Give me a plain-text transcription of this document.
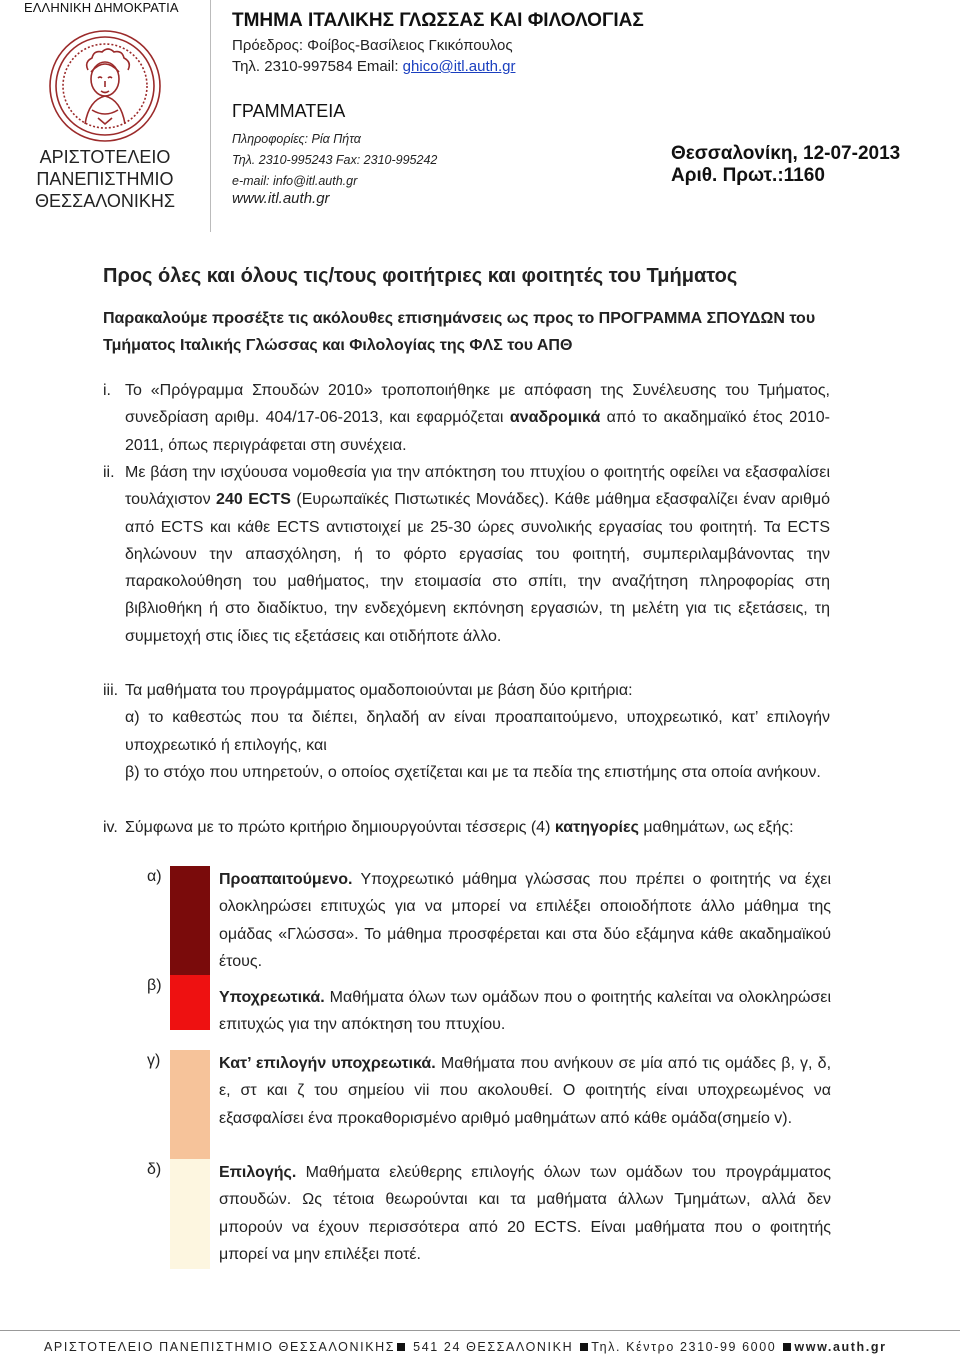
ΕΛΛΗΝΙΚΗ ΔΗΜΟΚΡΑΤΙΑ
ΑΡΙΣΤΟΤΕΛΕΙΟ
ΠΑΝΕΠΙΣΤΗΜΙΟ
ΘΕΣΣΑΛΟΝΙΚΗΣ
ΤΜΗΜΑ ΙΤΑΛΙΚΗΣ ΓΛΩΣΣΑΣ ΚΑΙ ΦΙΛΟΛΟΓΙΑΣ
Πρόεδρος: Φοίβος-Βασίλειος Γκικόπουλος
Τηλ. 2310-997584 Email: ghico@itl.auth.gr
ΓΡΑΜΜΑΤΕΙΑ
Πληροφορίες: Ρία Πήτα
Τηλ. 2310-995243 Fax: 2310-995242
e-mail: info@itl.auth.gr
www.itl.auth.gr
Θεσσαλονίκη, 12-07-2013
Αριθ. Πρωτ.:1160
Προς όλες και όλους τις/τους φοιτήτριες και φοιτητές του Τμήματος
Παρακαλούμε προσέξτε τις ακόλουθες επισημάνσεις ως προς το ΠΡΟΓΡΑΜΜΑ ΣΠΟΥΔΩΝ του Τμήματος Ιταλικής Γλώσσας και Φιλολογίας της ΦΛΣ του ΑΠΘ
i. Το «Πρόγραμμα Σπουδών 2010» τροποποιήθηκε με απόφαση της Συνέλευσης του Τμήματος, συνεδρίαση αριθμ. 404/17-06-2013, και εφαρμόζεται αναδρομικά από το ακαδημαϊκό έτος 2010-2011, όπως περιγράφεται στη συνέχεια.
ii. Με βάση την ισχύουσα νομοθεσία για την απόκτηση του πτυχίου ο φοιτητής οφείλει να εξασφαλίσει τουλάχιστον 240 ECTS (Ευρωπαϊκές Πιστωτικές Μονάδες). Κάθε μάθημα εξασφαλίζει έναν αριθμό από ECTS και κάθε ECTS αντιστοιχεί με 25-30 ώρες συνολικής εργασίας του φοιτητή. Τα ECTS δηλώνουν την απασχόληση, ή το φόρτο εργασίας του φοιτητή, συμπεριλαμβάνοντας την παρακολούθηση του μαθήματος, την ετοιμασία στο σπίτι, την αναζήτηση πληροφορίας στη βιβλιοθήκη ή στο διαδίκτυο, την ενδεχόμενη εκπόνηση εργασιών, τη μελέτη για τις εξετάσεις, τη συμμετοχή στις ίδιες τις εξετάσεις και οτιδήποτε άλλο.
iii. Τα μαθήματα του προγράμματος ομαδοποιούνται με βάση δύο κριτήρια:
α) το καθεστώς που τα διέπει, δηλαδή αν είναι προαπαιτούμενο, υποχρεωτικό, κατ’ επιλογήν υποχρεωτικό ή επιλογής, και
β) το στόχο που υπηρετούν, ο οποίος σχετίζεται και με τα πεδία της επιστήμης στα οποία ανήκουν.
iv. Σύμφωνα με το πρώτο κριτήριο δημιουργούνται τέσσερις (4) κατηγορίες μαθημάτων, ως εξής:
α)	Προαπαιτούμενο. Υποχρεωτικό μάθημα γλώσσας που πρέπει ο φοιτητής να έχει ολοκληρώσει επιτυχώς για να μπορεί να επιλέξει οποιοδήποτε άλλο μάθημα της ομάδας «Γλώσσα». Το μάθημα προσφέρεται και στα δύο εξάμηνα κάθε ακαδημαϊκού έτους.
β)
Υποχρεωτικά. Μαθήματα όλων των ομάδων που ο φοιτητής καλείται να ολοκληρώσει επιτυχώς για την απόκτηση του πτυχίου.
γ)	Κατ’ επιλογήν υποχρεωτικά. Μαθήματα που ανήκουν σε μία από τις ομάδες β, γ, δ, ε, στ και ζ του σημείου vii που ακολουθεί. Ο φοιτητής είναι υποχρεωμένος να εξασφαλίσει ένα προκαθορισμένο αριθμό μαθημάτων από κάθε ομάδα(σημείο v).
δ)	Επιλογής. Μαθήματα ελεύθερης επιλογής όλων των ομάδων του προγράμματος σπουδών. Ως τέτοια θεωρούνται και τα μαθήματα άλλων Τμημάτων, αλλά δεν μπορούν να έχουν περισσότερα από 20 ECTS. Είναι μαθήματα που ο φοιτητής μπορεί να μην επιλέξει ποτέ.
ΑΡΙΣΤΟΤΕΛΕΙΟ ΠΑΝΕΠΙΣΤΗΜΙΟ ΘΕΣΣΑΛΟΝΙΚΗΣ 541 24 ΘΕΣΣΑΛΟΝΙΚΗ Τηλ. Κέντρο 2310-99 6000 www.auth.gr
